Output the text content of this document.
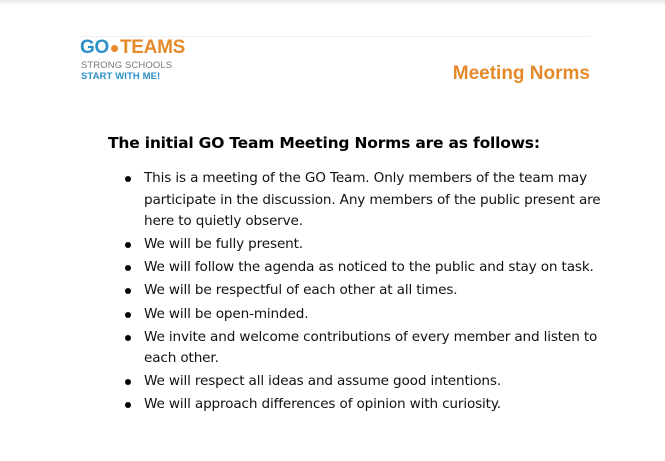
GO TEAMS
STRONG SCHOOLS
START WITH ME!	Meeting Norms
The initial GO Team Meeting Norms are as follows:
This is a meeting of the GO Team. Only members of the team may participate in the discussion. Any members of the public present are here to quietly observe.
We will be fully present.
We will follow the agenda as noticed to the public and stay on task.
We will be respectful of each other at all times.
We will be open-minded.
We invite and welcome contributions of every member and listen to each other.
We will respect all ideas and assume good intentions.
We will approach differences of opinion with curiosity.
